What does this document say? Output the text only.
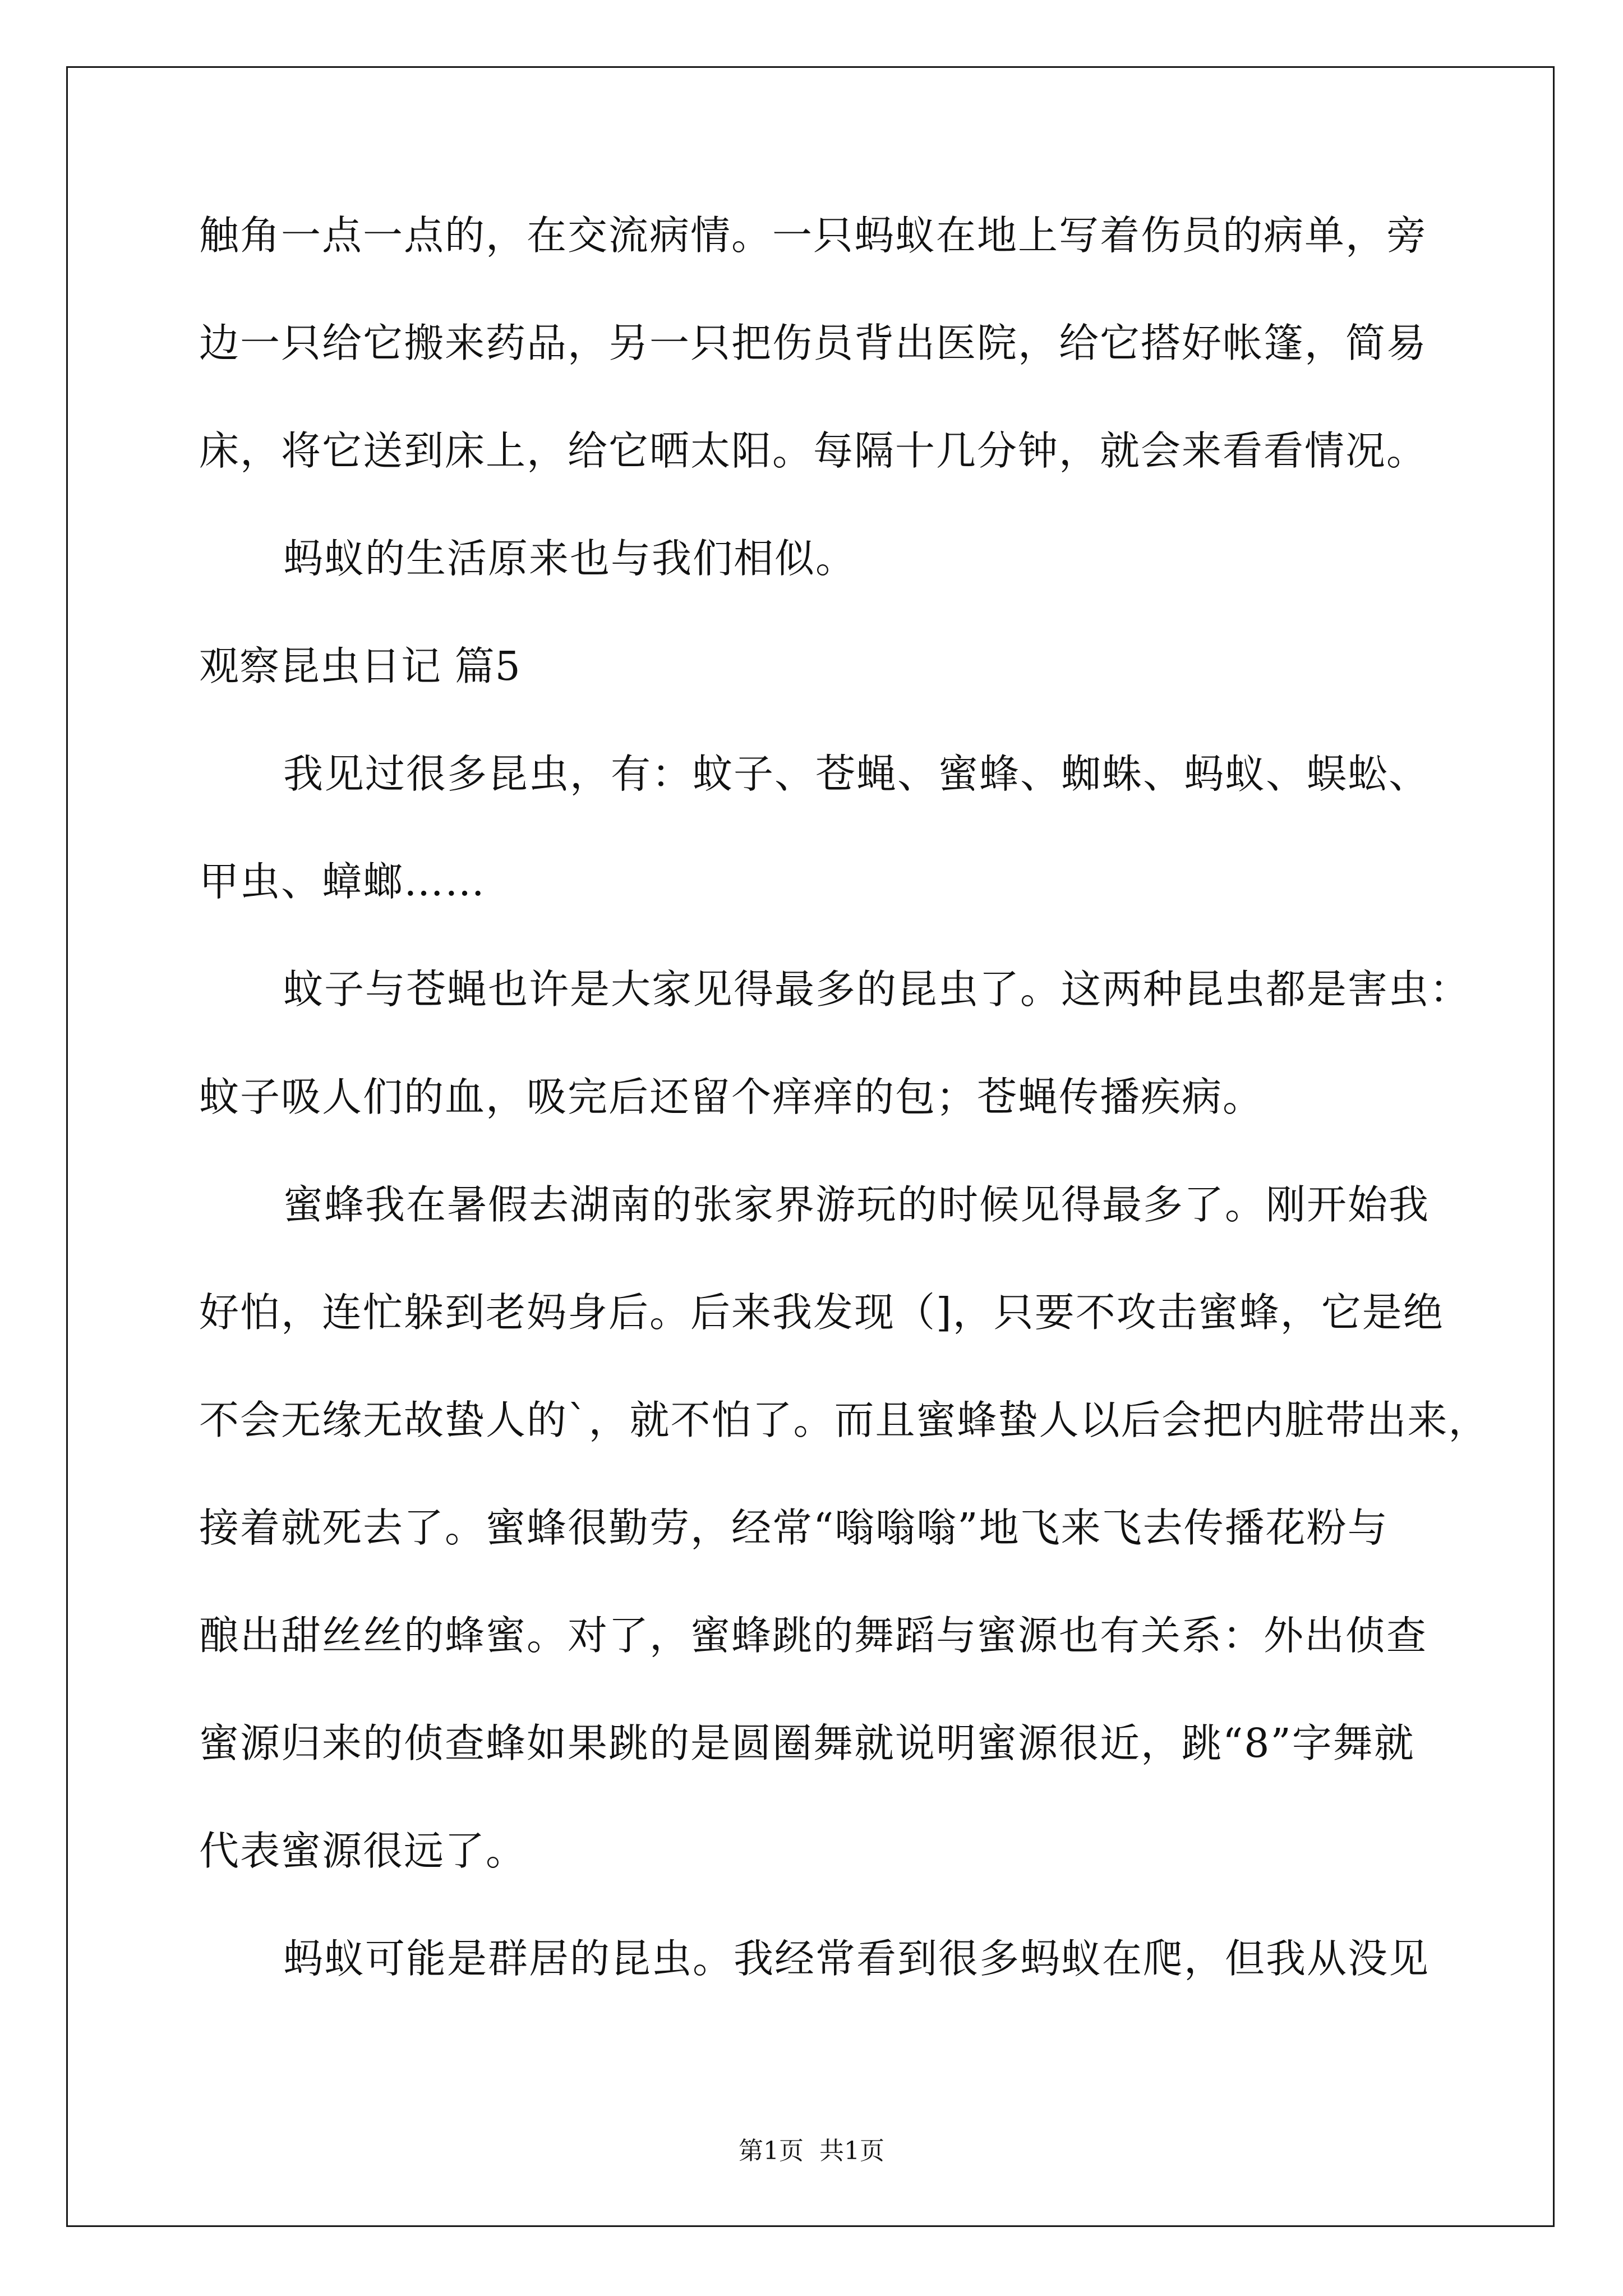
触角一点一点的，在交流病情。一只蚂蚁在地上写着伤员的病单，旁
边一只给它搬来药品，另一只把伤员背出医院，给它搭好帐篷，简易
床，将它送到床上，给它晒太阳。每隔十几分钟，就会来看看情况。
蚂蚁的生活原来也与我们相似。
观察昆虫日记 篇5
我见过很多昆虫，有：蚊子、苍蝇、蜜蜂、蜘蛛、蚂蚁、蜈蚣、
甲虫、蟑螂……
蚊子与苍蝇也许是大家见得最多的昆虫了。这两种昆虫都是害虫：
蚊子吸人们的血，吸完后还留个痒痒的包；苍蝇传播疾病。
蜜蜂我在暑假去湖南的张家界游玩的时候见得最多了。刚开始我
好怕，连忙躲到老妈身后。后来我发现（]，只要不攻击蜜蜂，它是绝
不会无缘无故蛰人的`，就不怕了。而且蜜蜂蛰人以后会把内脏带出来，
接着就死去了。蜜蜂很勤劳，经常“嗡嗡嗡”地飞来飞去传播花粉与
酿出甜丝丝的蜂蜜。对了，蜜蜂跳的舞蹈与蜜源也有关系：外出侦查
蜜源归来的侦查蜂如果跳的是圆圈舞就说明蜜源很近，跳“8”字舞就
代表蜜源很远了。
蚂蚁可能是群居的昆虫。我经常看到很多蚂蚁在爬，但我从没见
第1页 共1页
